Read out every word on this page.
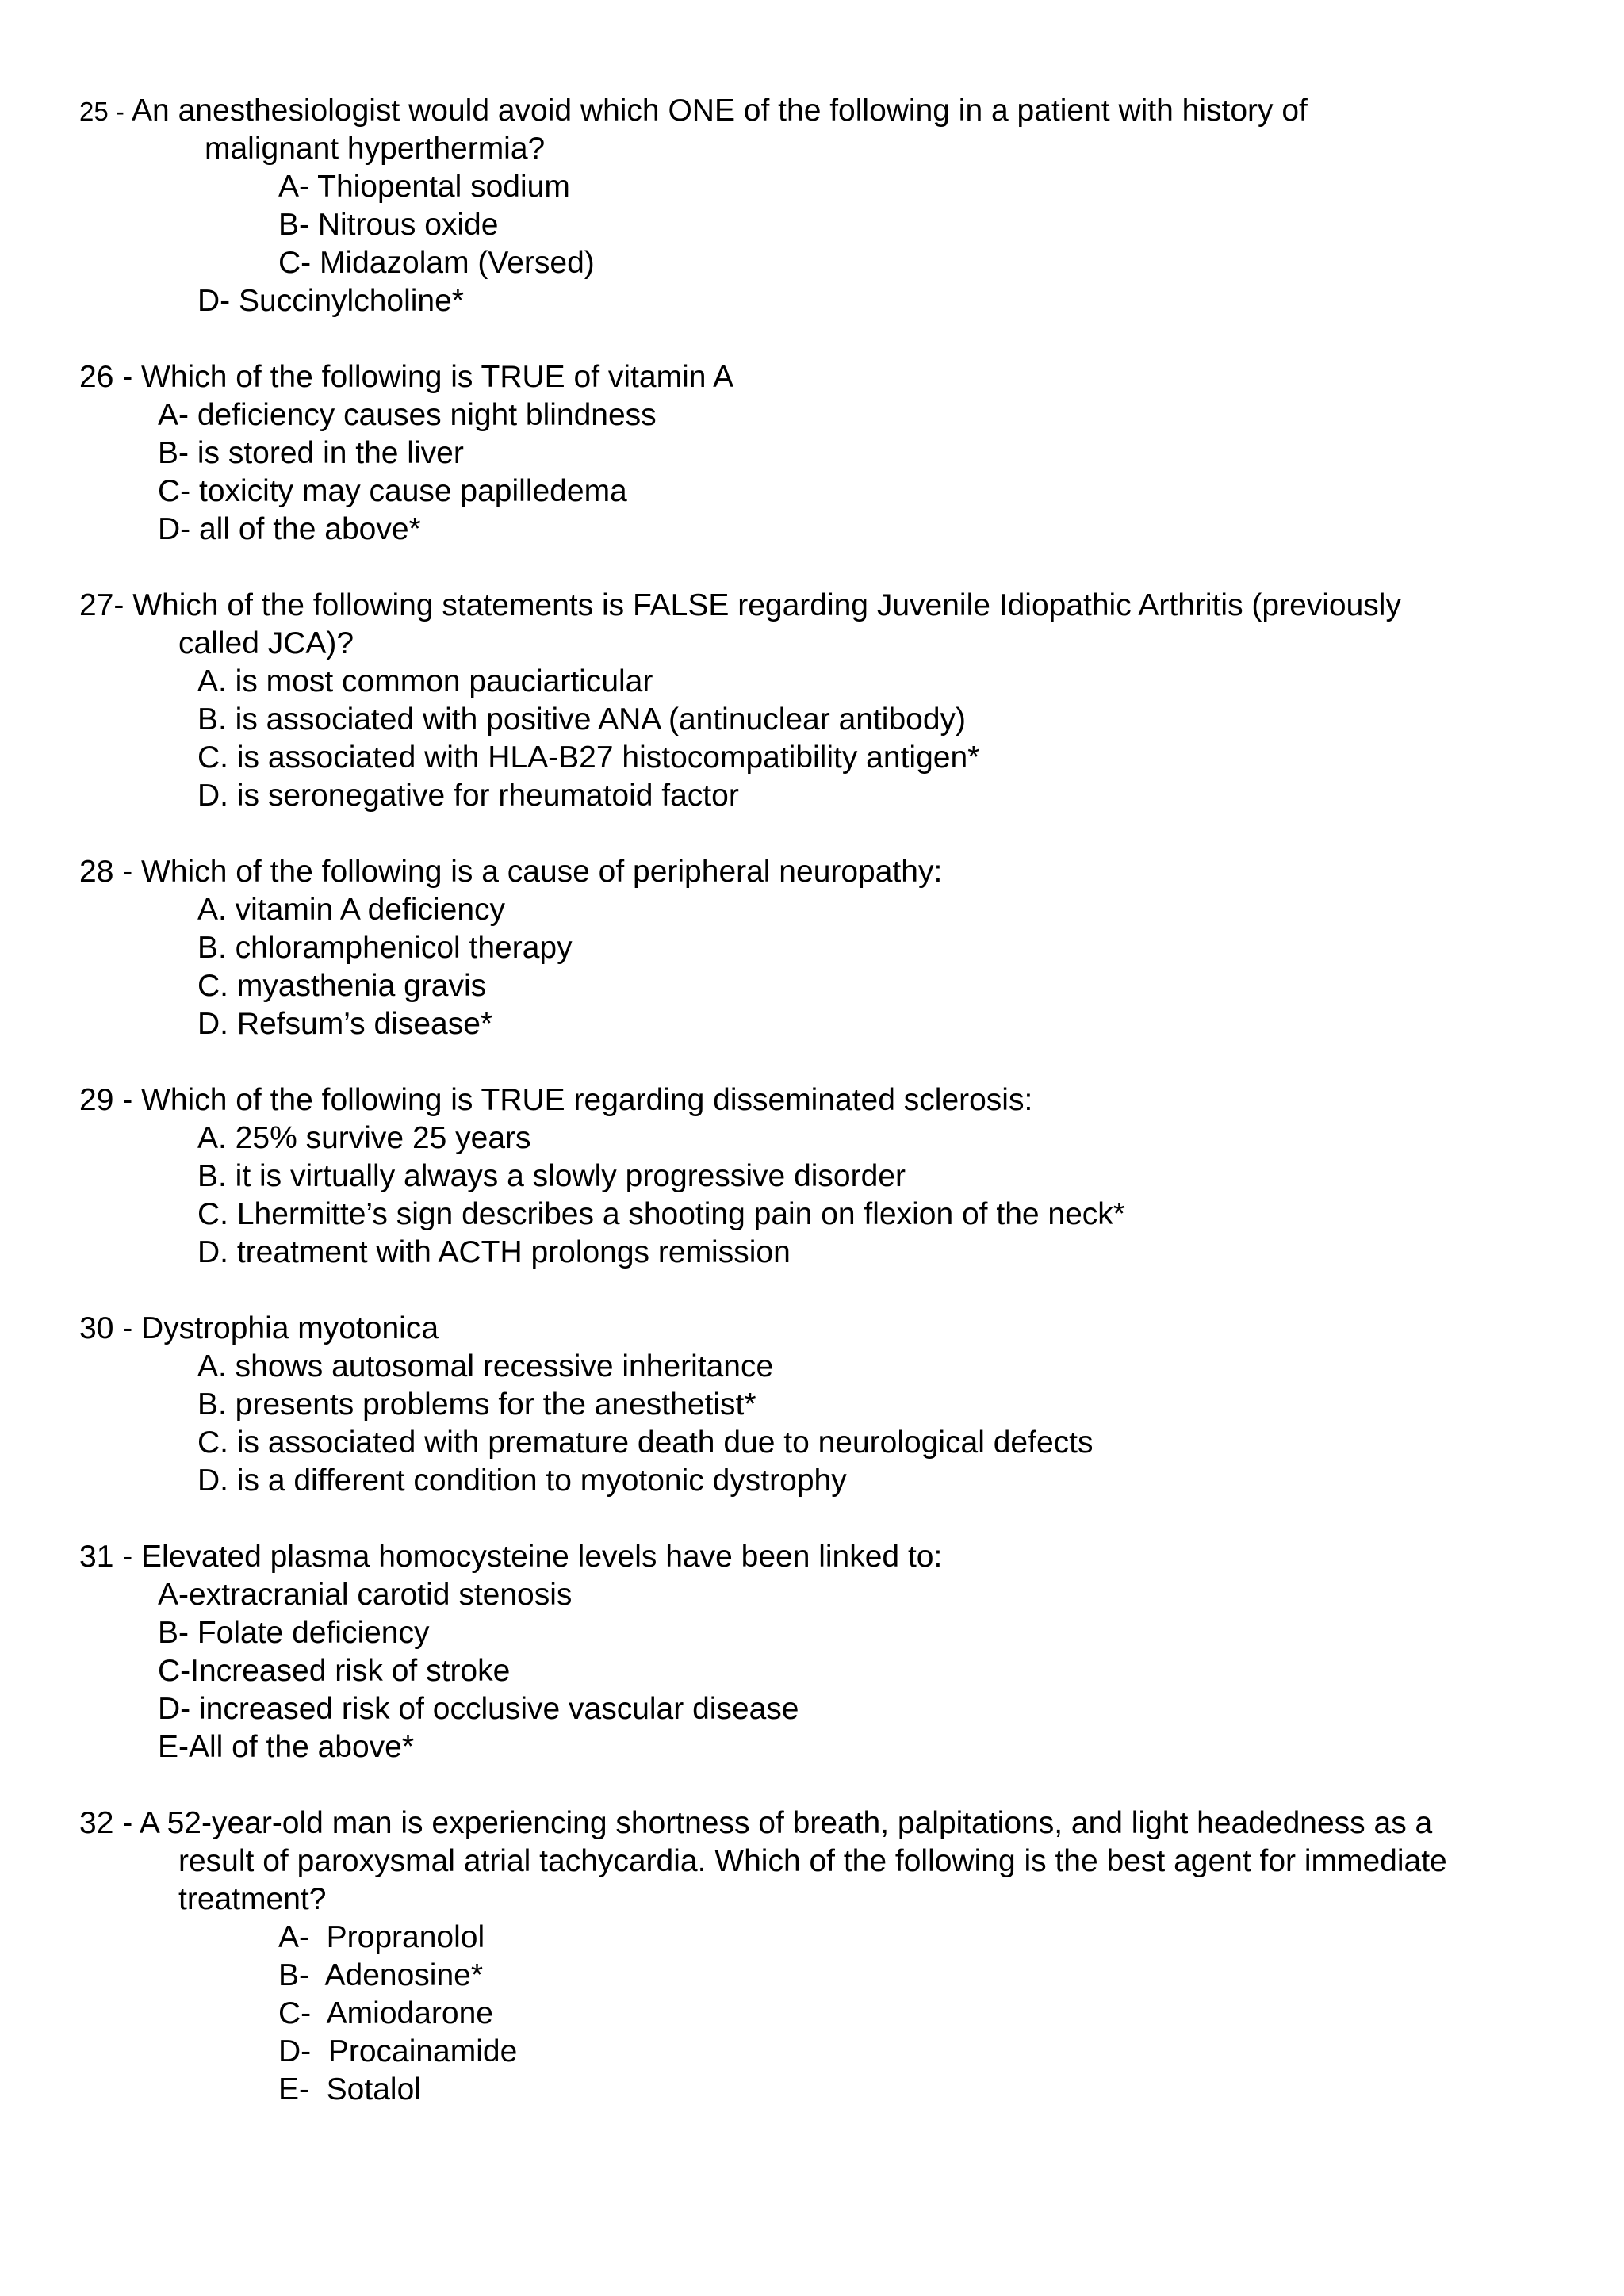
25 - An anesthesiologist would avoid which ONE of the following in a patient with history of
malignant hyperthermia?
A- Thiopental sodium
B- Nitrous oxide
C- Midazolam (Versed)
D- Succinylcholine*
26 - Which of the following is TRUE of vitamin A
A- deficiency causes night blindness
B- is stored in the liver
C- toxicity may cause papilledema
D- all of the above*
27- Which of the following statements is FALSE regarding Juvenile Idiopathic Arthritis (previously
called JCA)?
A. is most common pauciarticular
B. is associated with positive ANA (antinuclear antibody)
C. is associated with HLA-B27 histocompatibility antigen*
D. is seronegative for rheumatoid factor
28 - Which of the following is a cause of peripheral neuropathy:
A. vitamin A deficiency
B. chloramphenicol therapy
C. myasthenia gravis
D. Refsum’s disease*
29 - Which of the following is TRUE regarding disseminated sclerosis:
A. 25% survive 25 years
B. it is virtually always a slowly progressive disorder
C. Lhermitte’s sign describes a shooting pain on flexion of the neck*
D. treatment with ACTH prolongs remission
30 - Dystrophia myotonica
A. shows autosomal recessive inheritance
B. presents problems for the anesthetist*
C. is associated with premature death due to neurological defects
D. is a different condition to myotonic dystrophy
31 - Elevated plasma homocysteine levels have been linked to:
A-extracranial carotid stenosis
B- Folate deficiency
C-Increased risk of stroke
D- increased risk of occlusive vascular disease
E-All of the above*
32 - A 52-year-old man is experiencing shortness of breath, palpitations, and light headedness as a
result of paroxysmal atrial tachycardia. Which of the following is the best agent for immediate
treatment?
A-  Propranolol
B-  Adenosine*
C-  Amiodarone
D-  Procainamide
E-  Sotalol
